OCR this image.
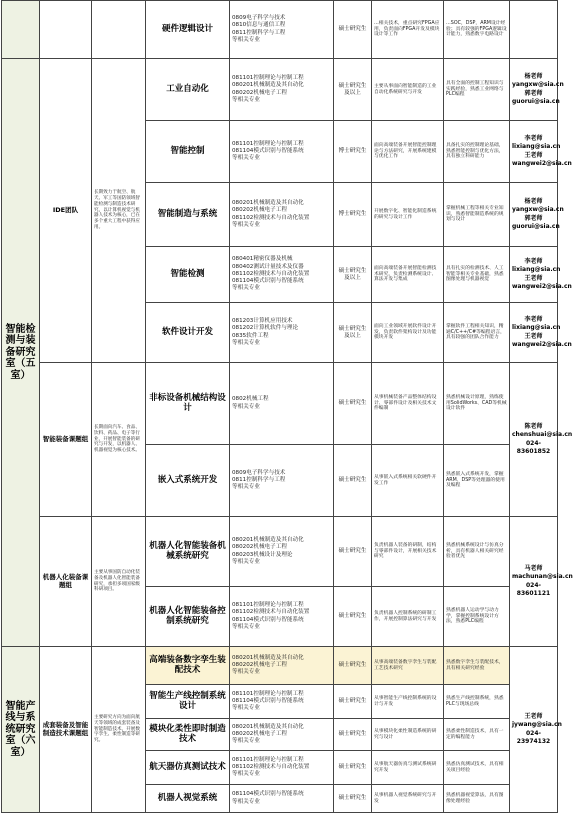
			硬件逻辑设计	0809电子科学与技术
0810信息与通信工程
0811控制科学与工程
等相关专业	硕士研究生	…相关技术，重点研究FPGA应用，负责面向FPGA开发及模块设计等工作	…SOC，DSP，ARM设计经验；具有较强的FPGA逻辑设计能力，熟悉数字电路设计	
智能检测与装备研究室（五室）	IDE团队	长期致力于航空、航天、军工等国防领域智能检测与制造技术研究，以计算机视觉与机器人技术为核心，已在多个重大工程中获得应用。	工业自动化	081101控制理论与控制工程
080201机械制造及其自动化
080202机械电子工程
等相关专业	硕士研究生及以上	主要从事面向智能制造的工业自动化系统研究与开发	具有全面的控制工程知识与实践经验，熟悉工业网络与PLC编程	杨老师
yangxw@sia.cn
郭老师
guorui@sia.cn

			智能控制	081101控制理论与控制工程
081104模式识别与智能系统
等相关专业	博士研究生	面向高端装备开展智能控制理论与方法研究，开展系统建模与优化工作	具备扎实的控制理论基础，熟悉智能控制与优化方法，具有独立科研能力	李老师
lixiang@sia.cn
王老师
wangwei2@sia.cn

			智能制造与系统	080201机械制造及其自动化
080202机械电子工程
081102检测技术与自动化装置
等相关专业	博士研究生	开展数字化、智能化制造系统的研究与设计工作	掌握机械工程等相关专业知识，熟悉智能制造系统的规划与设计	杨老师
yangxw@sia.cn
郭老师
guorui@sia.cn

			智能检测	080401精密仪器及机械
080402测试计量技术及仪器
081102检测技术与自动化装置
081104模式识别与智能系统
等相关专业	硕士研究生及以上	面向高端装备开展智能检测技术研究，负责检测系统设计、算法开发与集成	具有扎实的检测技术、人工智能等相关专业基础，熟悉图像处理与机器视觉	李老师
lixiang@sia.cn
王老师
wangwei2@sia.cn

			软件设计开发	081203计算机应用技术
081202计算机软件与理论
0835软件工程
等相关专业	硕士研究生及以上	面向工业领域开展软件设计开发，负责软件架构设计及功能模块开发	掌握软件工程相关知识，精通C/C++/C#等编程语言，具有较强的团队合作能力	李老师
lixiang@sia.cn
王老师
wangwei2@sia.cn

	智能装备课题组	长期面向汽车、食品、饮料、药品、电子等行业，开展智能装备的研究与开发，以机器人、机器视觉为核心技术。	非标设备机械结构设计	0802机械工程
等相关专业	硕士研究生	从事机械装备产品整体结构设计、零部件设计及相关技术文件编制	熟悉机械设计原理，熟练使用SolidWorks、CAD等机械设计软件	陈老师
chenshuai@sia.cn
024-83601852

			嵌入式系统开发	0809电子科学与技术
0811控制科学与工程
等相关专业	硕士研究生	从事嵌入式系统相关软硬件开发工作	熟悉嵌入式系统开发，掌握ARM、DSP等处理器的使用及编程	
	机器人化装备课题组	主要从事国防自动化装备及机器人化智能装备研究，承担多项国家级科研项目。	机器人化智能装备机械系统研究	080201机械制造及其自动化
080202机械电子工程
080203机械设计及理论
等相关专业	硕士研究生	负责机器人装备的研制，结构与零部件设计，开展相关技术研究	熟悉机械系统设计与仿真分析，具有机器人相关研究经验者优先	马老师
machunan@sia.cn
024-83601121

			机器人化智能装备控制系统研究	081101控制理论与控制工程
081102检测技术与自动化装置
081104模式识别与智能系统
等相关专业	硕士研究生	负责机器人控制系统的研制工作，开展控制算法研究与开发	熟悉机器人运动学与动力学，掌握控制系统设计方法，熟悉PLC编程	
智能产线与系统研究室（六室）	成套装备及智能制造技术课题组	主要研究方向为面向航天等领域的成套装备及智能制造技术，开展数字孪生、柔性制造等研究。	高端装备数字孪生装配技术	080201机械制造及其自动化
080202机械电子工程
等相关专业	硕士研究生	从事高端装备数字孪生与装配工艺技术研究	熟悉数字孪生与装配技术，具有相关研究经验	王老师
jywang@sia.cn
024-23974132

			智能生产线控制系统设计	081101控制理论与控制工程
081104模式识别与智能系统
等相关专业	硕士研究生	从事智能生产线控制系统的设计与开发	熟悉生产线控制系统，熟悉PLC与现场总线	
			模块化柔性即时制造技术	080201机械制造及其自动化
080202机械电子工程
等相关专业	硕士研究生	从事模块化柔性制造系统的研究与设计	熟悉柔性制造技术，具有一定的编程能力	
			航天器仿真测试技术	081101控制理论与控制工程
081102检测技术与自动化装置
等相关专业	硕士研究生	从事航天器仿真与测试系统研究开发	熟悉仿真测试技术，具有相关项目经验	
			机器人视觉系统	081104模式识别与智能系统
等相关专业	硕士研究生	从事机器人视觉系统研究与开发	熟悉机器视觉算法，具有图像处理经验	
